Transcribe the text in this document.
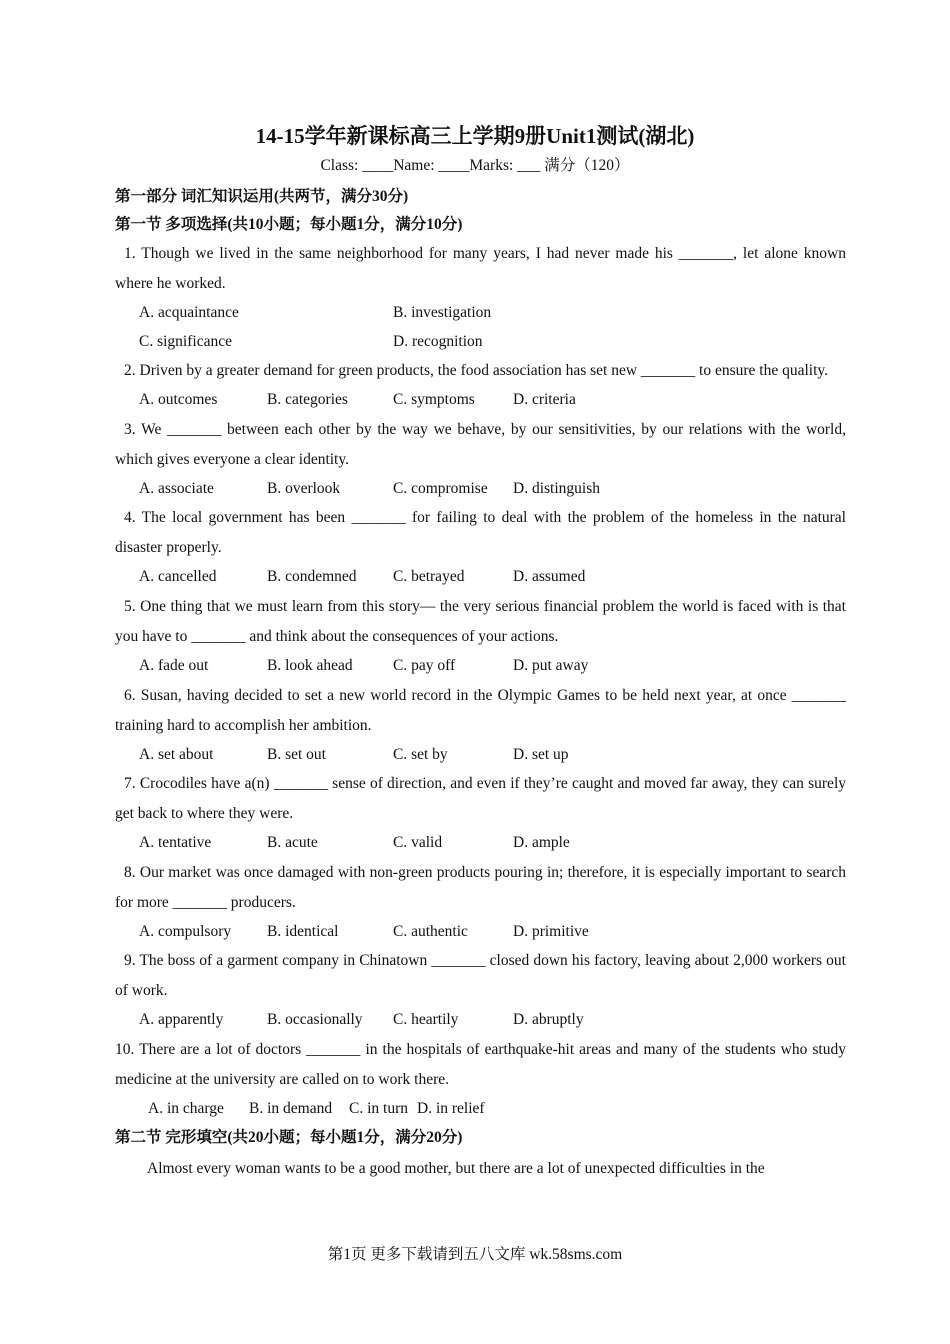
14-15学年新课标高三上学期9册Unit1测试(湖北)
Class: ____Name: ____Marks: ___ 满分（120）
第一部分 词汇知识运用(共两节，满分30分)
第一节 多项选择(共10小题；每小题1分，满分10分)
1. Though we lived in the same neighborhood for many years, I had never made his _______, let alone known where he worked.
A. acquaintance	B. investigation
C. significance	D. recognition
2. Driven by a greater demand for green products, the food association has set new _______ to ensure the quality.
A. outcomes	B. categories	C. symptoms D. criteria
3. We _______ between each other by the way we behave, by our sensitivities, by our relations with the world, which gives everyone a clear identity.
A. associate	B. overlook	C. compromise D. distinguish
4. The local government has been _______ for failing to deal with the problem of the homeless in the natural disaster properly.
A. cancelled	B. condemned C. betrayed	D. assumed
5. One thing that we must learn from this story— the very serious financial problem the world is faced with is that you have to _______ and think about the consequences of your actions.
A. fade out	B. look ahead	C. pay off	D. put away
6. Susan, having decided to set a new world record in the Olympic Games to be held next year, at once _______ training hard to accomplish her ambition.
A. set about	B. set out	C. set by	D. set up
7. Crocodiles have a(n) _______ sense of direction, and even if they’re caught and moved far away, they can surely get back to where they were.
A. tentative	B. acute	C. valid	D. ample
8. Our market was once damaged with non-green products pouring in; therefore, it is especially important to search for more _______ producers.
A. compulsory B. identical	C. authentic	D. primitive
9. The boss of a garment company in Chinatown _______ closed down his factory, leaving about 2,000 workers out of work.
A. apparently	B. occasionally C. heartily	D. abruptly
10. There are a lot of doctors _______ in the hospitals of earthquake-hit areas and many of the students who study medicine at the university are called on to work there.
A. in charge B. in demand C. in turn D. in relief
第二节 完形填空(共20小题；每小题1分，满分20分)
Almost every woman wants to be a good mother, but there are a lot of unexpected difficulties in the
第1页 更多下载请到五八文库 wk.58sms.com
